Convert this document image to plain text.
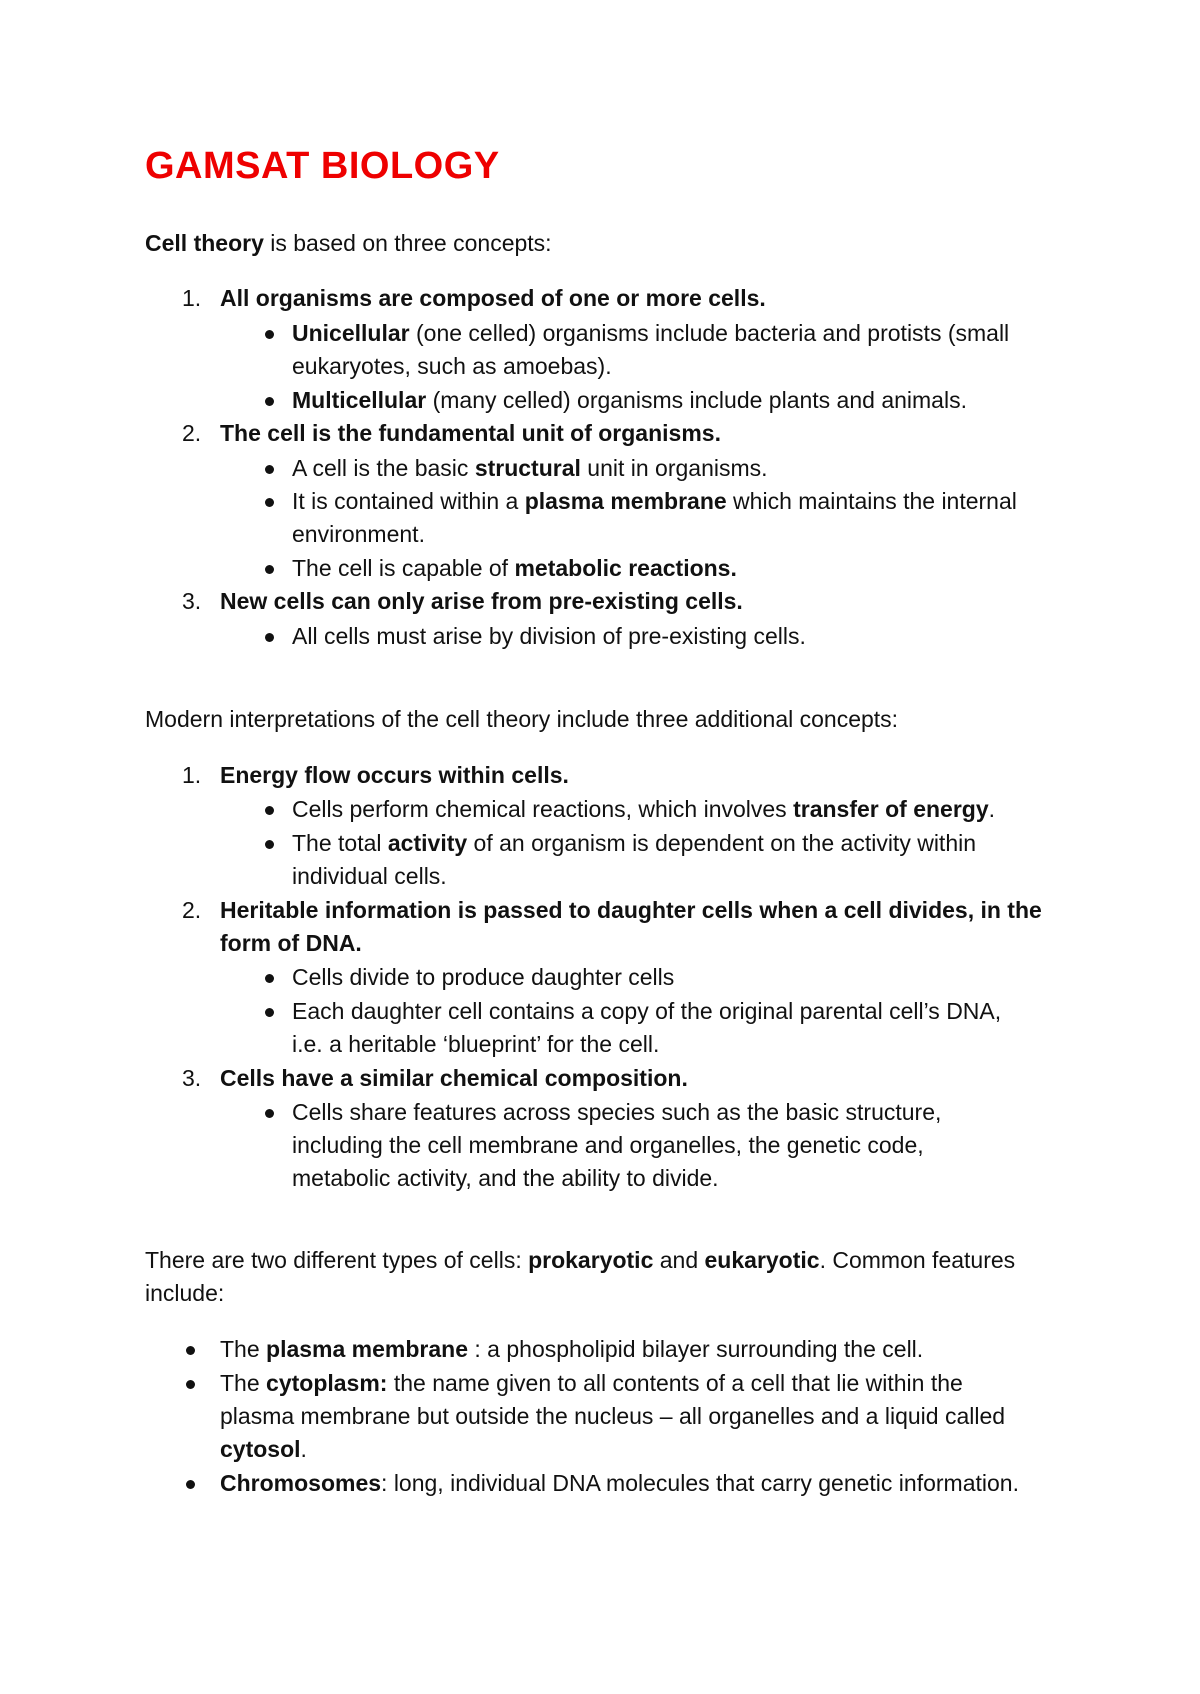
GAMSAT BIOLOGY
Cell theory is based on three concepts:
1. All organisms are composed of one or more cells.
Unicellular (one celled) organisms include bacteria and protists (small
eukaryotes, such as amoebas).
Multicellular (many celled) organisms include plants and animals.
2. The cell is the fundamental unit of organisms.
A cell is the basic structural unit in organisms.
It is contained within a plasma membrane which maintains the internal
environment.
The cell is capable of metabolic reactions.
3. New cells can only arise from pre-existing cells.
All cells must arise by division of pre-existing cells.
Modern interpretations of the cell theory include three additional concepts:
1. Energy flow occurs within cells.
Cells perform chemical reactions, which involves transfer of energy.
The total activity of an organism is dependent on the activity within
individual cells.
2. Heritable information is passed to daughter cells when a cell divides, in the
form of DNA.
Cells divide to produce daughter cells
Each daughter cell contains a copy of the original parental cell’s DNA,
i.e. a heritable ‘blueprint’ for the cell.
3. Cells have a similar chemical composition.
Cells share features across species such as the basic structure,
including the cell membrane and organelles, the genetic code,
metabolic activity, and the ability to divide.
There are two different types of cells: prokaryotic and eukaryotic. Common features
include:
The plasma membrane : a phospholipid bilayer surrounding the cell.
The cytoplasm: the name given to all contents of a cell that lie within the
plasma membrane but outside the nucleus – all organelles and a liquid called
cytosol.
Chromosomes: long, individual DNA molecules that carry genetic information.
